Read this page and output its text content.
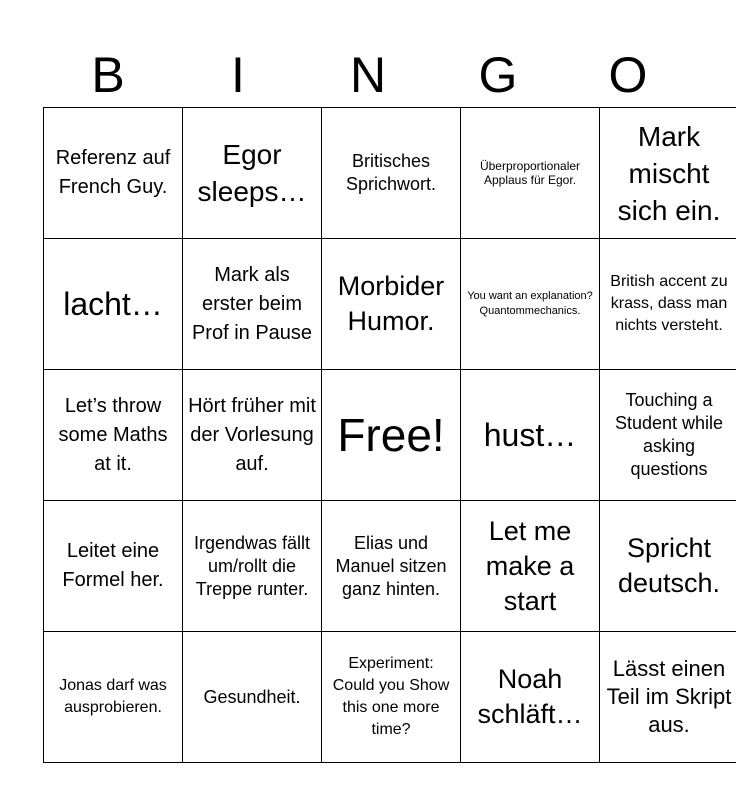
B	I	N	G	O
Referenz auf French Guy.	Egor sleeps…	Britisches Sprichwort.	Überproportionaler Applaus für Egor.	Mark mischt sich ein.
lacht…	Mark als erster beim Prof in Pause	Morbider Humor.	You want an explanation? Quantommechanics.	British accent zu krass, dass man nichts versteht.
Let’s throw some Maths at it.	Hört früher mit der Vorlesung auf.	Free!	hust…	Touching a Student while asking questions
Leitet eine Formel her.	Irgendwas fällt um/rollt die Treppe runter.	Elias und Manuel sitzen ganz hinten.	Let me make a start	Spricht deutsch.
Jonas darf was ausprobieren.	Gesundheit.	Experiment: Could you Show this one more time?	Noah schläft…	Lässt einen Teil im Skript aus.
